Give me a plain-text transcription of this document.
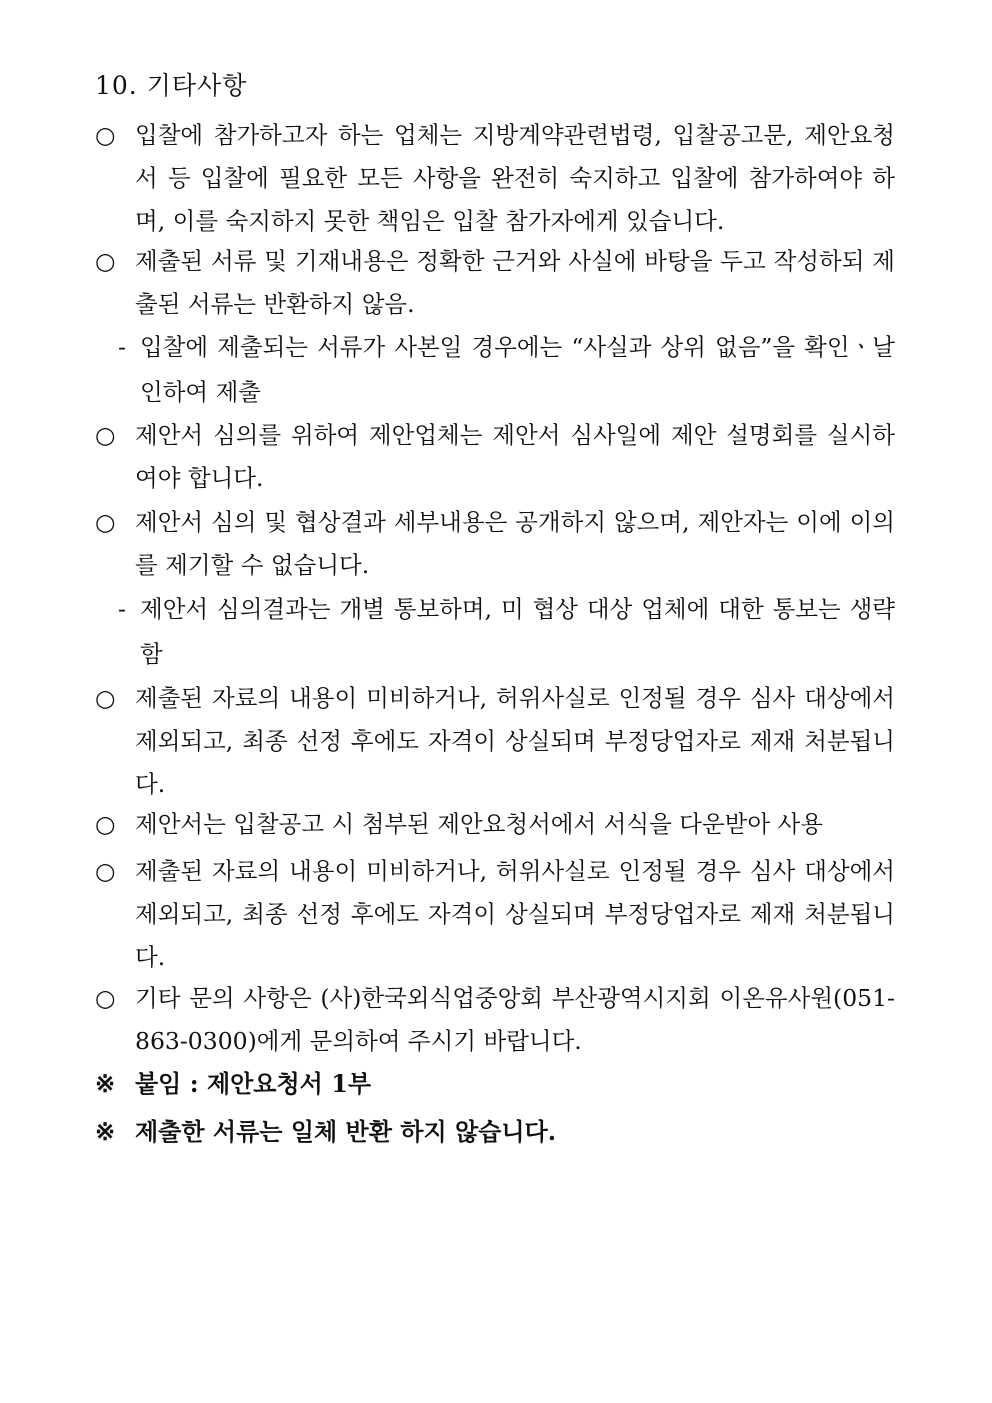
10. 기타사항
○ 입찰에 참가하고자 하는 업체는 지방계약관련법령, 입찰공고문, 제안요청서 등 입찰에 필요한 모든 사항을 완전히 숙지하고 입찰에 참가하여야 하며, 이를 숙지하지 못한 책임은 입찰 참가자에게 있습니다.
○ 제출된 서류 및 기재내용은 정확한 근거와 사실에 바탕을 두고 작성하되 제출된 서류는 반환하지 않음.
- 입찰에 제출되는 서류가 사본일 경우에는 “사실과 상위 없음”을 확인ㆍ날인하여 제출
○ 제안서 심의를 위하여 제안업체는 제안서 심사일에 제안 설명회를 실시하여야 합니다.
○ 제안서 심의 및 협상결과 세부내용은 공개하지 않으며, 제안자는 이에 이의를 제기할 수 없습니다.
- 제안서 심의결과는 개별 통보하며, 미 협상 대상 업체에 대한 통보는 생략함
○ 제출된 자료의 내용이 미비하거나, 허위사실로 인정될 경우 심사 대상에서 제외되고, 최종 선정 후에도 자격이 상실되며 부정당업자로 제재 처분됩니다.
○ 제안서는 입찰공고 시 첨부된 제안요청서에서 서식을 다운받아 사용
○ 제출된 자료의 내용이 미비하거나, 허위사실로 인정될 경우 심사 대상에서 제외되고, 최종 선정 후에도 자격이 상실되며 부정당업자로 제재 처분됩니다.
○ 기타 문의 사항은 (사)한국외식업중앙회 부산광역시지회 이온유사원(051-863-0300)에게 문의하여 주시기 바랍니다.
※ 붙임 : 제안요청서 1부
※ 제출한 서류는 일체 반환 하지 않습니다.
